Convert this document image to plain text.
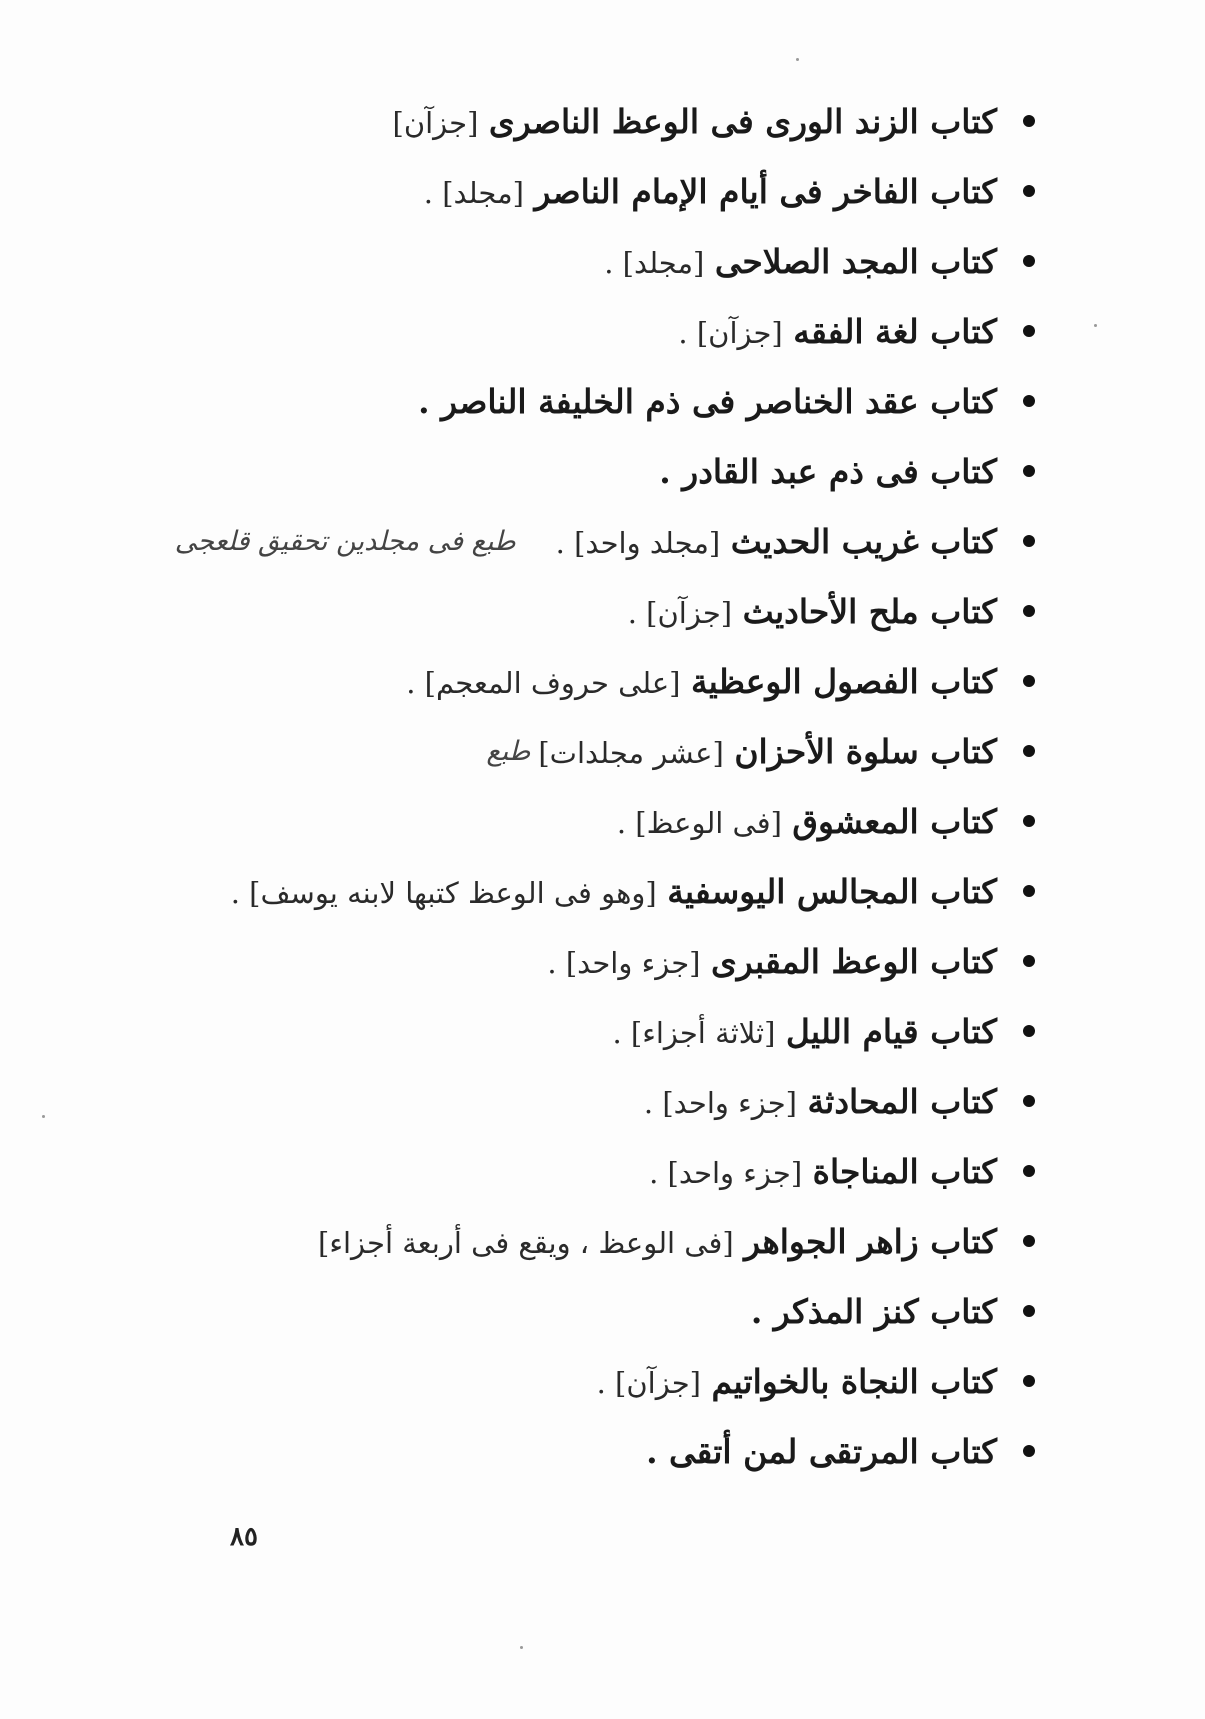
كتاب الزند الورى فى الوعظ الناصرى [جزآن]
كتاب الفاخر فى أيام الإمام الناصر [مجلد] .
كتاب المجد الصلاحى [مجلد] .
كتاب لغة الفقه [جزآن] .
كتاب عقد الخناصر فى ذم الخليفة الناصر .
كتاب فى ذم عبد القادر .
كتاب غريب الحديث [مجلد واحد] .
طبع فى مجلدين تحقيق قلعجى
كتاب ملح الأحاديث [جزآن] .
كتاب الفصول الوعظية [على حروف المعجم] .
كتاب سلوة الأحزان [عشر مجلدات]
طبع
كتاب المعشوق [فى الوعظ] .
كتاب المجالس اليوسفية [وهو فى الوعظ كتبها لابنه يوسف] .
كتاب الوعظ المقبرى [جزء واحد] .
كتاب قيام الليل [ثلاثة أجزاء] .
كتاب المحادثة [جزء واحد] .
كتاب المناجاة [جزء واحد] .
كتاب زاهر الجواهر [فى الوعظ ، ويقع فى أربعة أجزاء]
كتاب كنز المذكر .
كتاب النجاة بالخواتيم [جزآن] .
كتاب المرتقى لمن أتقى .
٨٥
